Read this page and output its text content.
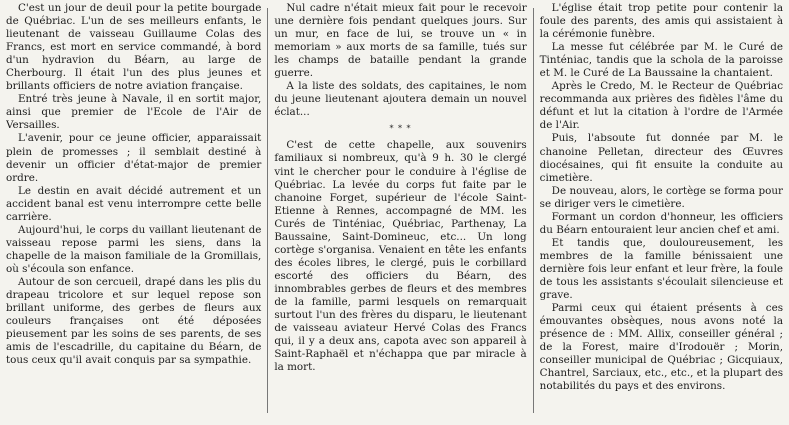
C'est un jour de deuil pour la petite bourgade de Québriac. L'un de ses meilleurs enfants, le lieutenant de vaisseau Guillaume Colas des Francs, est mort en service commandé, à bord d'un hydravion du Béarn, au large de Cherbourg. Il était l'un des plus jeunes et brillants officiers de notre aviation française.

Entré très jeune à Navale, il en sortit major, ainsi que premier de l'Ecole de l'Air de Versailles.

L'avenir, pour ce jeune officier, apparaissait plein de promesses ; il semblait destiné à devenir un officier d'état-major de premier ordre.

Le destin en avait décidé autrement et un accident banal est venu interrompre cette belle carrière.

Aujourd'hui, le corps du vaillant lieutenant de vaisseau repose parmi les siens, dans la chapelle de la maison familiale de la Gromillais, où s'écoula son enfance.

Autour de son cercueil, drapé dans les plis du drapeau tricolore et sur lequel repose son brillant uniforme, des gerbes de fleurs aux couleurs françaises ont été déposées pieusement par les soins de ses parents, de ses amis de l'escadrille, du capitaine du Béarn, de tous ceux qu'il avait conquis par sa sympathie.

Nul cadre n'était mieux fait pour le recevoir une dernière fois pendant quelques jours. Sur un mur, en face de lui, se trouve un « in memoriam » aux morts de sa famille, tués sur les champs de bataille pendant la grande guerre.

A la liste des soldats, des capitaines, le nom du jeune lieutenant ajoutera demain un nouvel éclat...

* * *

C'est de cette chapelle, aux souvenirs familiaux si nombreux, qu'à 9 h. 30 le clergé vint le chercher pour le conduire à l'église de Québriac. La levée du corps fut faite par le chanoine Forget, supérieur de l'école Saint-Etienne à Rennes, accompagné de MM. les Curés de Tinténiac, Québriac, Parthenay, La Baussaine, Saint-Domineuc, etc... Un long cortège s'organisa. Venaient en tête les enfants des écoles libres, le clergé, puis le corbillard escorté des officiers du Béarn, des innombrables gerbes de fleurs et des membres de la famille, parmi lesquels on remarquait surtout l'un des frères du disparu, le lieutenant de vaisseau aviateur Hervé Colas des Francs qui, il y a deux ans, capota avec son appareil à Saint-Raphaël et n'échappa que par miracle à la mort.

L'église était trop petite pour contenir la foule des parents, des amis qui assistaient à la cérémonie funèbre.

La messe fut célébrée par M. le Curé de Tinténiac, tandis que la schola de la paroisse et M. le Curé de La Baussaine la chantaient.

Après le Credo, M. le Recteur de Québriac recommanda aux prières des fidèles l'âme du défunt et lut la citation à l'ordre de l'Armée de l'Air.

Puis, l'absoute fut donnée par M. le chanoine Pelletan, directeur des Œuvres diocésaines, qui fit ensuite la conduite au cimetière.

De nouveau, alors, le cortège se forma pour se diriger vers le cimetière.

Formant un cordon d'honneur, les officiers du Béarn entouraient leur ancien chef et ami.

Et tandis que, douloureusement, les membres de la famille bénissaient une dernière fois leur enfant et leur frère, la foule de tous les assistants s'écoulait silencieuse et grave.

Parmi ceux qui étaient présents à ces émouvantes obsèques, nous avons noté la présence de : MM. Allix, conseiller général ; de la Forest, maire d'Irodouër ; Morin, conseiller municipal de Québriac ; Gicquiaux, Chantrel, Sarciaux, etc., etc., et la plupart des notabilités du pays et des environs.
